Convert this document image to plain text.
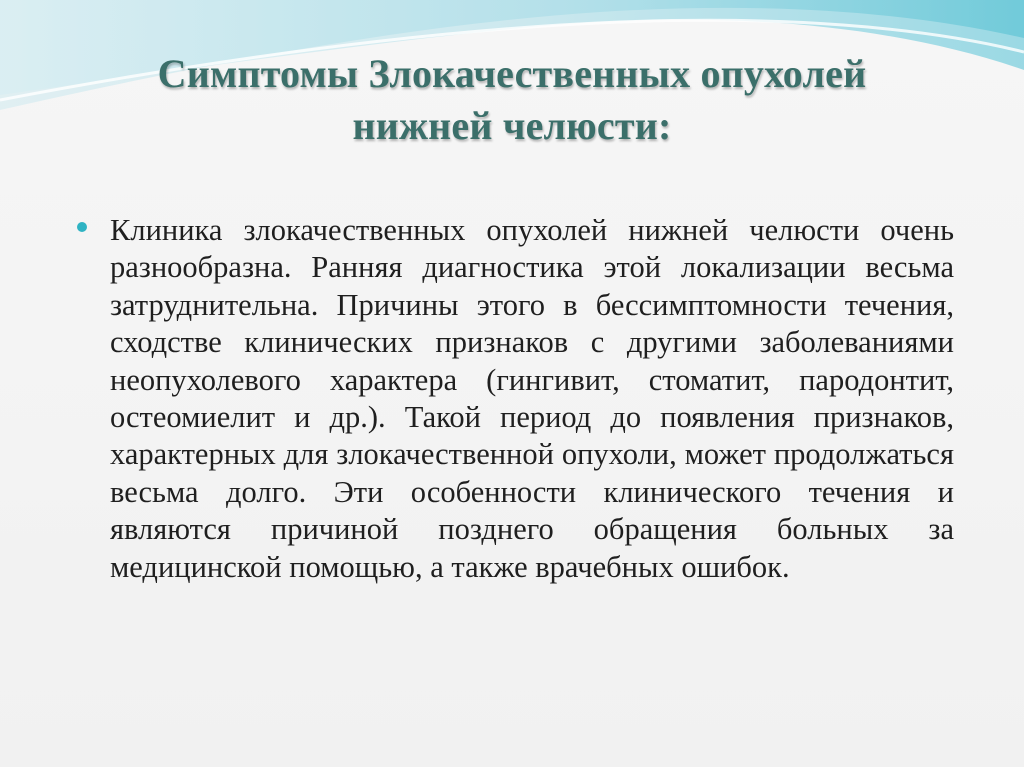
Симптомы Злокачественных опухолей
нижней челюсти:
Клиника злокачественных опухолей нижней челюсти очень разнообразна. Ранняя диагностика этой локализации весьма затруднительна. Причины этого в бессимптомности течения, сходстве клинических признаков с другими заболеваниями неопухолевого характера (гингивит, стоматит, пародонтит, остеомиелит и др.). Такой период до появления признаков, характерных для злокачественной опухоли, может продолжаться весьма долго. Эти особенности клинического течения и являются причиной позднего обращения больных за медицинской помощью, а также врачебных ошибок.
